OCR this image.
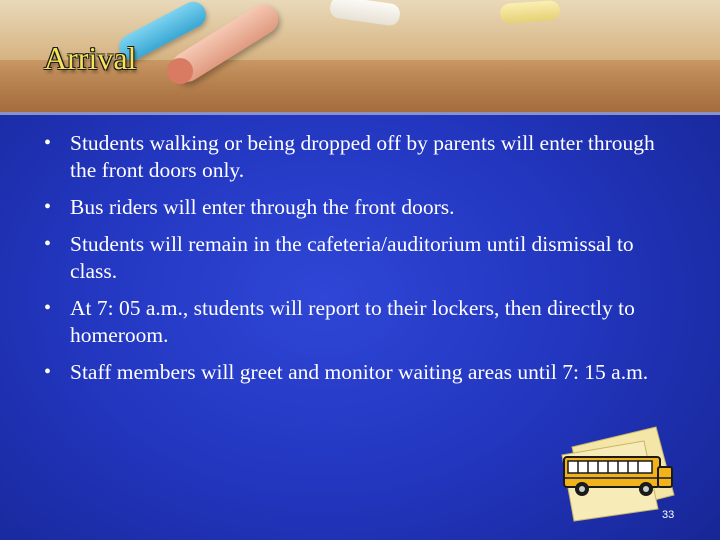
Arrival
• Students walking or being dropped off by parents will enter through the front doors only.
• Bus riders will enter through the front doors.
• Students will remain in the cafeteria/auditorium until dismissal to class.
• At 7: 05 a.m., students will report to their lockers, then directly to homeroom.
• Staff members will greet and monitor waiting areas until 7: 15 a.m.
33
